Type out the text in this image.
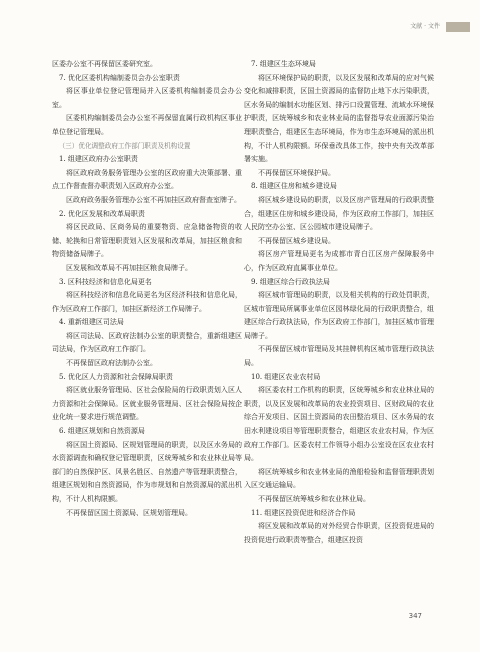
文献 · 文件

区委办公室不再保留区委研究室。

7. 优化区委机构编制委员会办公室职责

将区事业单位登记管理局并入区委机构编制委员会办公室。

区委机构编制委员会办公室不再保留直属行政机构区事业单位登记管理局。

（三）优化调整政府工作部门职责及机构设置

1. 组建区政府办公室职责

将区政府政务服务管理办公室的区政府重大决策部署、重点工作督查督办职责划入区政府办公室。

区政府政务服务管理办公室不再加挂区政府督查室牌子。

2. 优化区发展和改革局职责

将区民政局、区商务局的重要物资、应急储备物资的收储、轮换和日常管理职责划入区发展和改革局，加挂区粮食和物资储备局牌子。

区发展和改革局不再加挂区粮食局牌子。

3. 区科技经济和信息化局更名

将区科技经济和信息化局更名为区经济科技和信息化局，作为区政府工作部门，加挂区新经济工作局牌子。

4. 重新组建区司法局

将区司法局、区政府法制办公室的职责整合，重新组建区司法局，作为区政府工作部门。

不再保留区政府法制办公室。

5. 优化区人力资源和社会保障局职责

将区就业服务管理局、区社会保险局的行政职责划入区人力资源和社会保障局。区就业服务管理局、区社会保险局按企业化统一要求进行规范调整。

6. 组建区规划和自然资源局

将区国土资源局、区规划管理局的职责，以及区水务局的水资源调查和确权登记管理职责，区统筹城乡和农业林业局等部门的自然保护区、风景名胜区、自然遗产等管理职责整合，组建区规划和自然资源局，作为市规划和自然资源局的派出机构，不计人机构限额。

不再保留区国土资源局、区规划管理局。

7. 组建区生态环境局

将区环境保护局的职责，以及区发展和改革局的应对气候变化和减排职责，区国土资源局的监督防止地下水污染职责，区水务局的编制水功能区划、排污口设置管理、流域水环境保护职责，区统筹城乡和农业林业局的监督指导农业面源污染治理职责整合，组建区生态环境局，作为市生态环境局的派出机构，不计人机构限额。环保垂改具体工作，按中央有关改革部署实施。

不再保留区环境保护局。

8. 组建区住房和城乡建设局

将区城乡建设局的职责，以及区房产管理局的行政职责整合，组建区住房和城乡建设局，作为区政府工作部门，加挂区人民防空办公室、区公园城市建设局牌子。

不再保留区城乡建设局。

将区房产管理局更名为成都市青白江区房产保障服务中心，作为区政府直属事业单位。

9. 组建区综合行政执法局

将区城市管理局的职责，以及相关机构的行政处罚职责，区城市管理局所属事业单位区园林绿化局的行政职责整合，组建区综合行政执法局，作为区政府工作部门，加挂区城市管理局牌子。

不再保留区城市管理局及其挂牌机构区城市管理行政执法局。

10. 组建区农业农村局

将区委农村工作机构的职责，区统筹城乡和农业林业局的职责，以及区发展和改革局的农业投资项目、区财政局的农业综合开发项目、区国土资源局的农田整治项目、区水务局的农田水利建设项目等管理职责整合，组建区农业农村局，作为区政府工作部门。区委农村工作领导小组办公室设在区农业农村局。

将区统筹城乡和农业林业局的渔船检验和监督管理职责划入区交通运输局。

不再保留区统筹城乡和农业林业局。

11. 组建区投资促进和经济合作局

将区发展和改革局的对外经贸合作职责，区投资促进局的投资促进行政职责等整合，组建区投资

347
